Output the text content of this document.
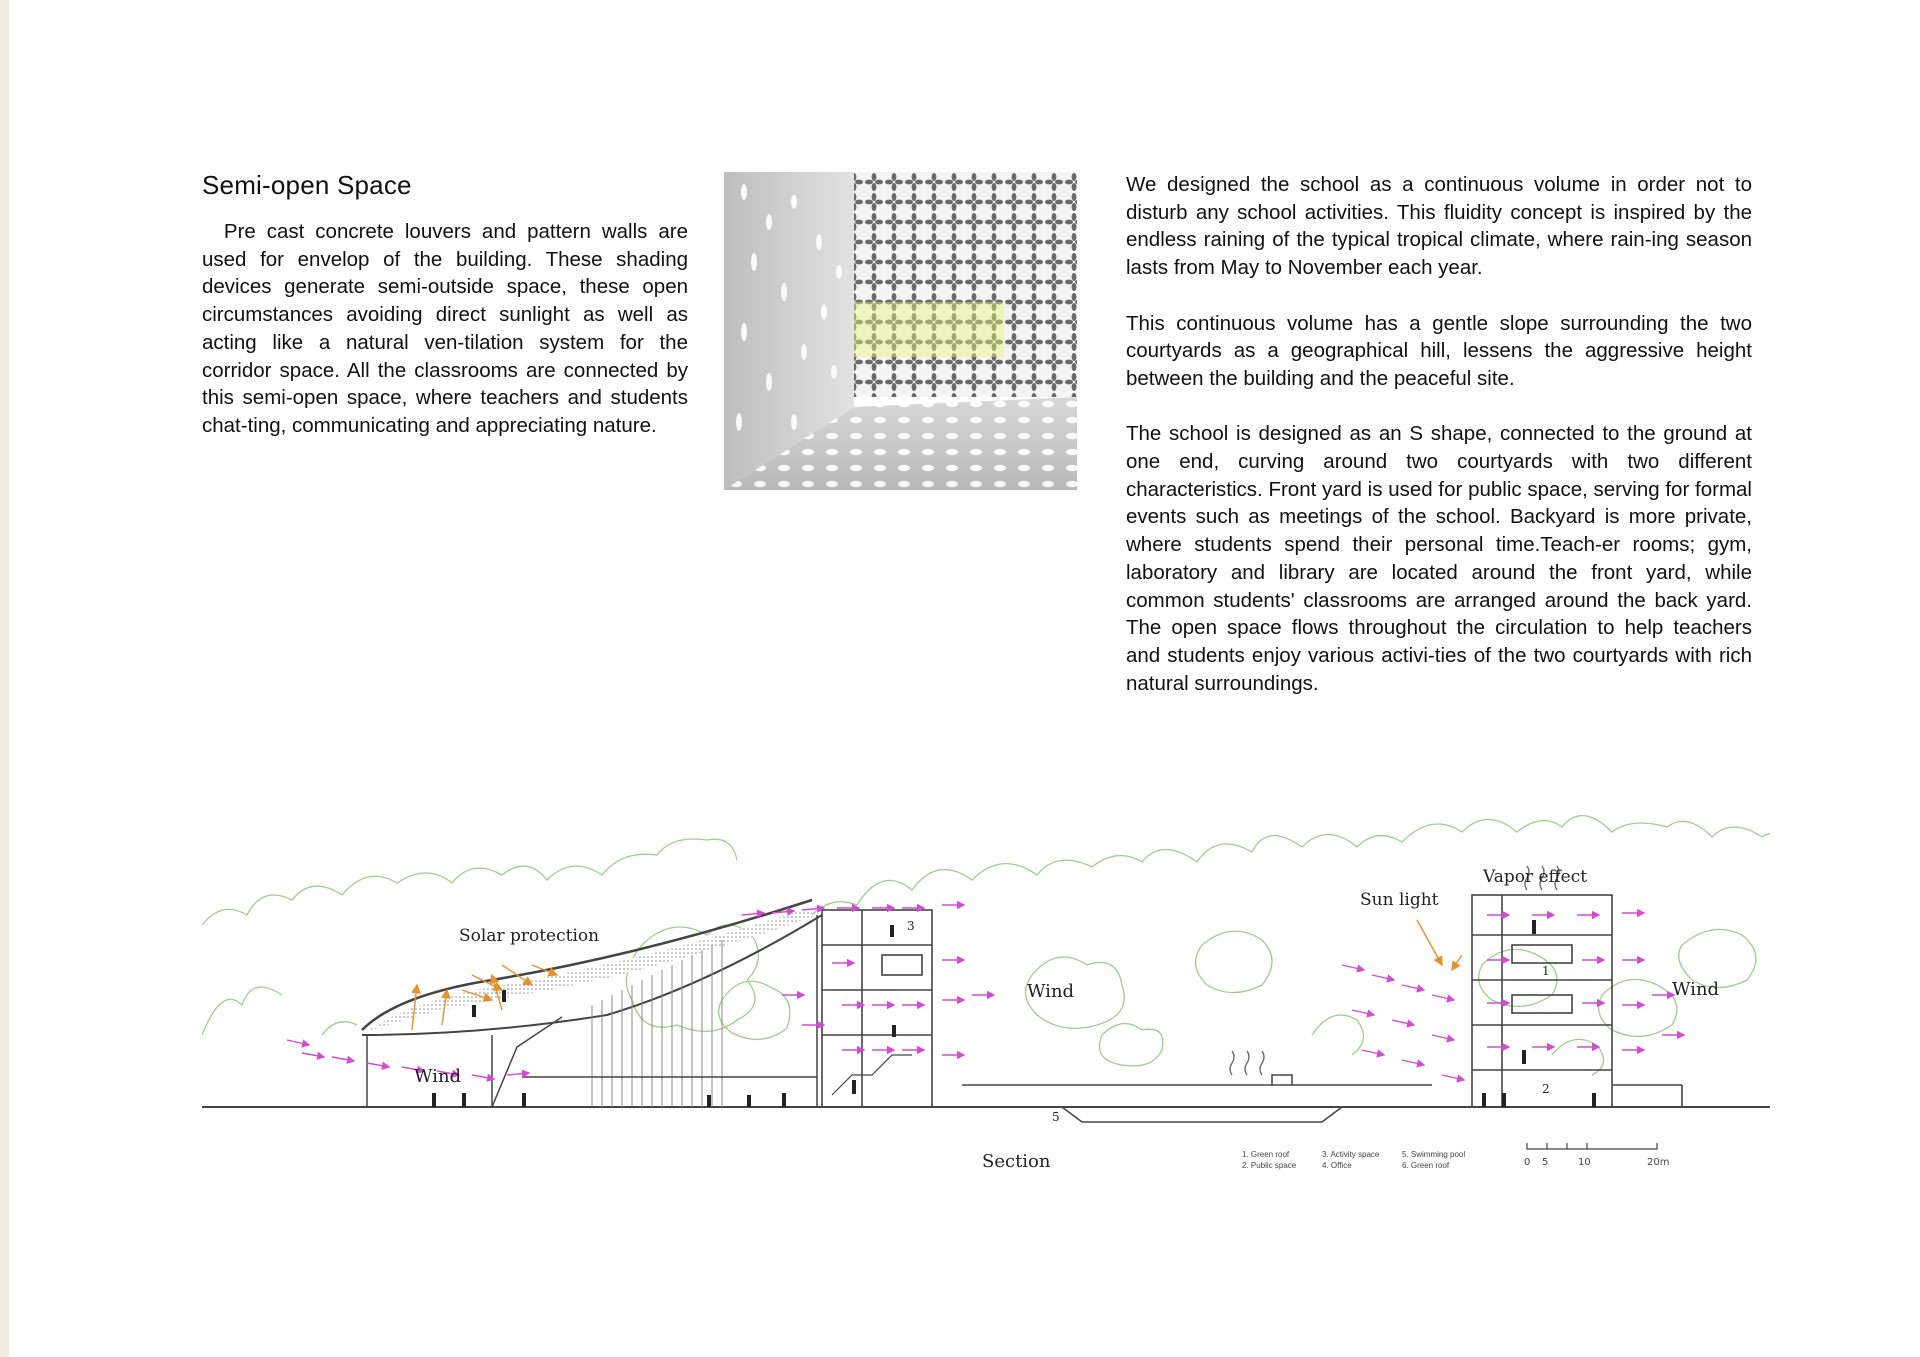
Semi-open Space

Pre cast concrete louvers and pattern walls are used for envelop of the building. These shading devices generate semi-outside space, these open circumstances avoiding direct sunlight as well as acting like a natural ven-tilation system for the corridor space. All the classrooms are connected by this semi-open space, where teachers and students chat-ting, communicating and appreciating nature.

We designed the school as a continuous volume in order not to disturb any school activities. This fluidity concept is inspired by the endless raining of the typical tropical climate, where rain-ing season lasts from May to November each year.

This continuous volume has a gentle slope surrounding the two courtyards as a geographical hill, lessens the aggressive height between the building and the peaceful site.

The school is designed as an S shape, connected to the ground at one end, curving around two courtyards with two different characteristics. Front yard is used for public space, serving for formal events such as meetings of the school. Backyard is more private, where students spend their personal time.Teach-er rooms; gym, laboratory and library are located around the front yard, while common students' classrooms are arranged around the back yard. The open space flows throughout the circulation to help teachers and students enjoy various activi-ties of the two courtyards with rich natural surroundings.

Solar protection
Wind
Wind	Wind
Sun light
Vapor effect
3
5
2
1
Section	1. Green roof	3. Activity space	5. Swimming pool
2. Public space	4. Office	6. Green roof	0 5	10	20m
